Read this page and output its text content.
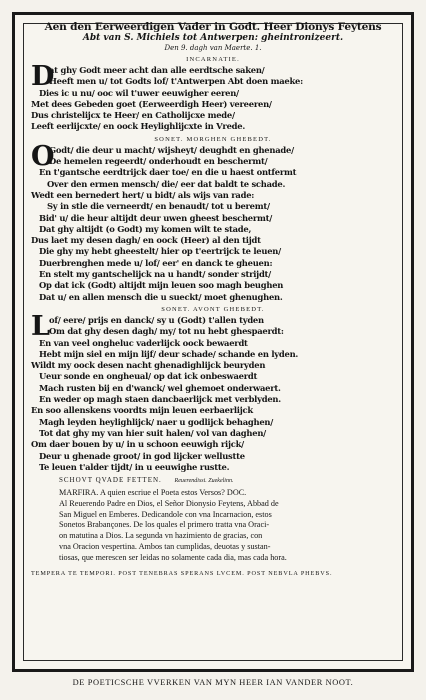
Aen den Eerweerdigen Vader in Godt. Heer Dionys Feytens
Abt van S. Michiels tot Antwerpen: gheintronizeert.
Den 9. dagh van Maerte. 1.
INCARNATIE.
D
at ghy Godt meer acht dan alle eerdtsche saken/
Heeft men u/ tot Godts lof/ t'Antwerpen Abt doen maeke:
Dies ic u nu/ ooc wil t'uwer eeuwigher eeren/
Met dees Gebeden goet (Eerweerdigh Heer) vereeren/
Dus christelijcx te Heer/ en Catholijcxe mede/
Leeft eerlijcxte/ en oock Heylighlijcxte in Vrede.
SONET. MORGHEN GHEBEDT.
O
Godt/ die deur u macht/ wijsheyt/ deughdt en ghenade/
De hemelen regeerdt/ onderhoudt en beschermt/
En t'gantsche eerdtrijck daer toe/ en die u haest ontfermt
Over den ermen mensch/ die/ eer dat baldt te schade.
Wedt een bernedert hert/ u bidt/ als wijs van rade:
Sy in stle die verneerdt/ en benaudt/ tot u beremt/
Bid' u/ die heur altijdt deur uwen gheest beschermt/
Dat ghy altijdt (o Godt) my komen wilt te stade,
Dus laet my desen dagh/ en oock (Heer) al den tijdt
Die ghy my hebt gheestelt/ hier op t'eertrijck te leuen/
Duerbrenghen mede u/ lof/ eer' en danck te gheuen:
En stelt my gantschelijck na u handt/ sonder strijdt/
Op dat ick (Godt) altijdt mijn leuen soo magh beughen
Dat u/ en allen mensch die u sueckt/ moet ghenughen.
SONET. AVONT GHEBEDT.
L of/ eere/ prijs en danck/ sy u (Godt) t'allen tyden
Om dat ghy desen dagh/ my/ tot nu hebt ghespaerdt:
En van veel ongheluc vaderlijck oock bewaerdt
Hebt mijn siel en mijn lijf/ deur schade/ schande en lyden.
Wildt my oock desen nacht ghenadighlijck beuryden
Ueur sonde en ongheual/ op dat ick onbeswaerdt
Mach rusten bij en d'wanck/ wel ghemoet onderwaert.
En weder op magh staen dancbaerlijck met verblyden.
En soo allenskens voordts mijn leuen eerbaerlijck
Magh leyden heylighlijck/ naer u godlijck behaghen/
Tot dat ghy my van hier suit halen/ vol van daghen/
Om daer bouen by u/ in u schoon eeuwigh rijck/
Deur u ghenade groot/ in god lijcker wellustte
Te leuen t'alder tijdt/ in u eeuwighe rustte.
SCHOVT QVADE FETTEN. Reuerendissi. Zuekelinn.
MARFIRA. A quien escriue el Poeta estos Versos? DOC.
Al Reuerendo Padre en Dios, el Señor Dionysio Feytens, Abbad de
San Miguel en Emberes. Dedicandole con vna Incarnacion, estos
Sonetos Brabançones. De los quales el primero tratta vna Oraci-
on matutina a Dios. La segunda vn hazimiento de gracias, con
vna Oracion vespertina. Ambos tan cumplidas, deuotas y sustan-
tiosas, que merescen ser leidas no solamente cada dia, mas cada hora.
TEMPERA TE TEMPORI. POST TENEBRAS SPERANS LVCEM. POST NEBVLA PHEBVS.
DE POETICSCHE VVERKEN VAN MYN HEER IAN VANDER NOOT.
